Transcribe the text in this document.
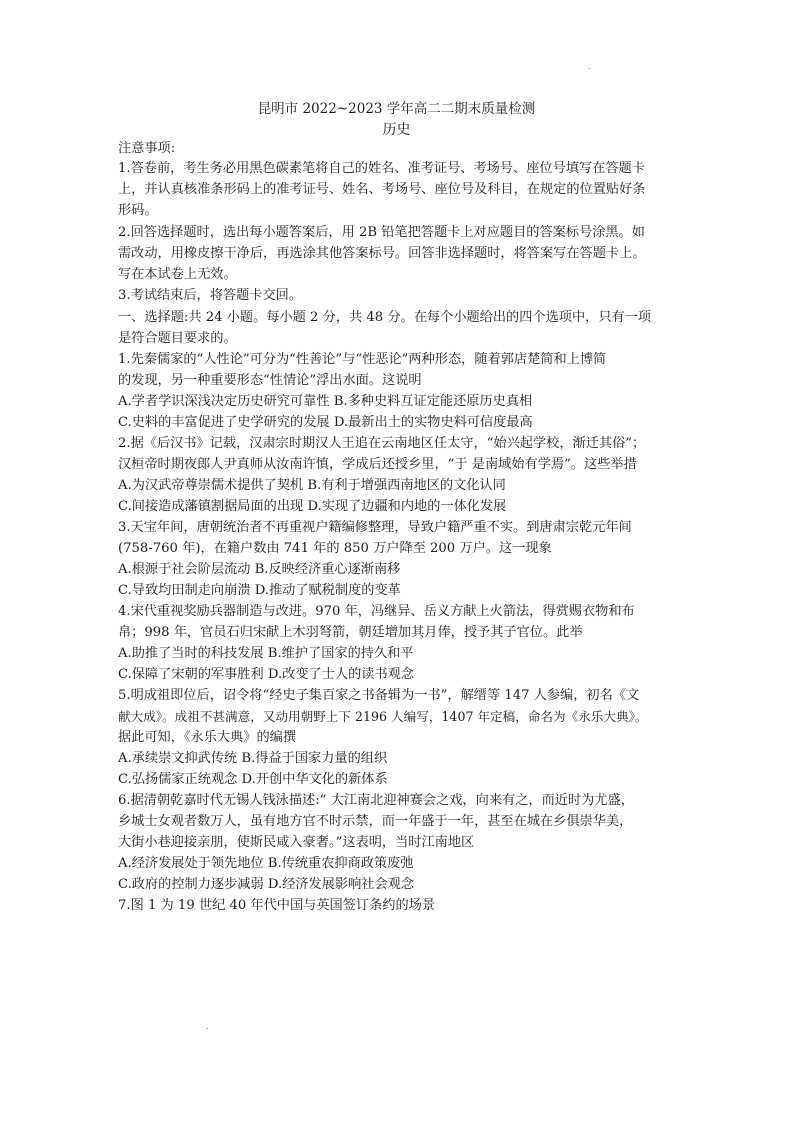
.
昆明市 2022~2023 学年高二二期末质量检测
历史
注意事项:
1.答卷前，考生务必用黑色碳素笔将自己的姓名、准考证号、考场号、座位号填写在答题卡
上，并认真核准条形码上的准考证号、姓名、考场号、座位号及科目，在规定的位置贴好条
形码。
2.回答选择题时，选出每小题答案后，用 2B 铅笔把答题卡上对应题目的答案标号涂黑。如
需改动，用橡皮擦干净后，再选涂其他答案标号。回答非选择题时，将答案写在答题卡上。
写在本试卷上无效。
3.考试结束后，将答题卡交回。
一、选择题:共 24 小题。每小题 2 分，共 48 分。在每个小题给出的四个选项中，只有一项
是符合题目要求的。
1.先秦儒家的“人性论”可分为“性善论”与“性恶论”两种形态，随着郭店楚简和上博简
的发现，另一种重要形态“性情论”浮出水面。这说明
A.学者学识深浅决定历史研究可靠性 B.多种史料互证定能还原历史真相
C.史料的丰富促进了史学研究的发展 D.最新出土的实物史料可信度最高
2.据《后汉书》记载，汉肃宗时期汉人王追在云南地区任太守，“始兴起学校，渐迁其俗”；
汉桓帝时期夜郎人尹真师从汝南许慎，学成后还授乡里，“于 是南域始有学焉”。这些举措
A.为汉武帝尊崇儒术提供了契机 B.有利于增强西南地区的文化认同
C.间接造成藩镇割据局面的出现 D.实现了边疆和内地的一体化发展
3.天宝年间，唐朝统治者不再重视户籍编修整理，导致户籍严重不实。到唐肃宗乾元年间
(758-760 年)，在籍户数由 741 年的 850 万户降至 200 万户。这一现象
A.根源于社会阶层流动 B.反映经济重心逐渐南移
C.导致均田制走向崩溃 D.推动了赋税制度的变革
4.宋代重视奖励兵器制造与改进。970 年，冯继异、岳义方献上火箭法，得赏赐衣物和布
帛；998 年，官员石归宋献上木羽弩箭，朝廷增加其月俸，授予其子官位。此举
A.助推了当时的科技发展 B.维护了国家的持久和平
C.保障了宋朝的军事胜利 D.改变了士人的读书观念
5.明成祖即位后，诏令将“经史子集百家之书备辑为一书”，解缙等 147 人参编，初名《文
献大成》。成祖不甚满意，又动用朝野上下 2196 人编写，1407 年定稿，命名为《永乐大典》。
据此可知，《永乐大典》的编撰
A.承续崇文抑武传统 B.得益于国家力量的组织
C.弘扬儒家正统观念 D.开创中华文化的新体系
6.据清朝乾嘉时代无锡人钱泳描述:“ 大江南北迎神赛会之戏，向来有之，而近时为尤盛，
乡城士女观者数万人，虽有地方官不时示禁，而一年盛于一年，甚至在城在乡俱崇华美，
大街小巷迎接亲朋，使斯民咸入豪奢。”这表明，当时江南地区
A.经济发展处于领先地位 B.传统重农抑商政策废弛
C.政府的控制力逐步减弱 D.经济发展影响社会观念
7.图 1 为 19 世纪 40 年代中国与英国签订条约的场景
.
